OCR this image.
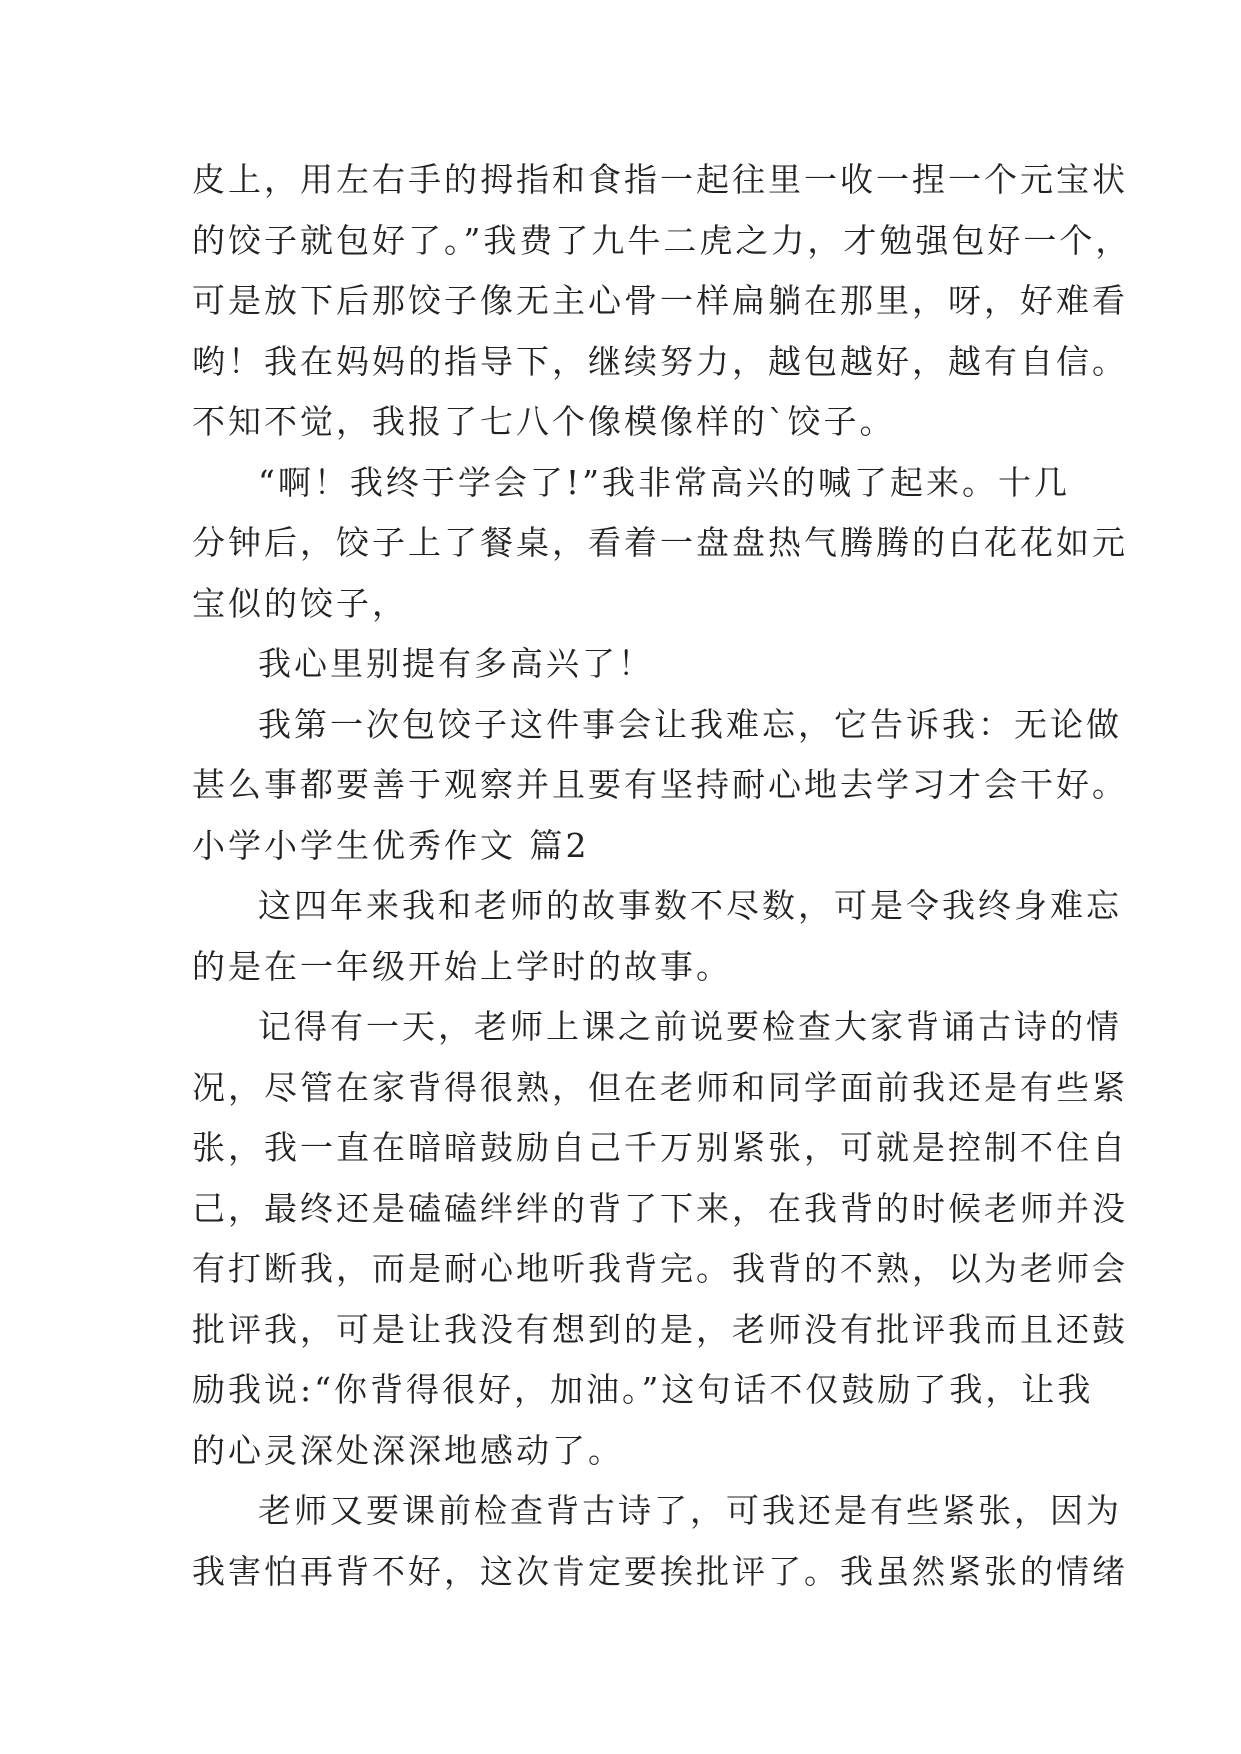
皮上，用左右手的拇指和食指一起往里一收一捏一个元宝状
的饺子就包好了。”我费了九牛二虎之力，才勉强包好一个，
可是放下后那饺子像无主心骨一样扁躺在那里，呀，好难看
哟！我在妈妈的指导下，继续努力，越包越好，越有自信。
不知不觉，我报了七八个像模像样的`饺子。
“啊！我终于学会了!”我非常高兴的喊了起来。十几
分钟后，饺子上了餐桌，看着一盘盘热气腾腾的白花花如元
宝似的饺子，
我心里别提有多高兴了！
我第一次包饺子这件事会让我难忘，它告诉我：无论做
甚么事都要善于观察并且要有坚持耐心地去学习才会干好。
小学小学生优秀作文 篇2
这四年来我和老师的故事数不尽数，可是令我终身难忘
的是在一年级开始上学时的故事。
记得有一天，老师上课之前说要检查大家背诵古诗的情
况，尽管在家背得很熟，但在老师和同学面前我还是有些紧
张，我一直在暗暗鼓励自己千万别紧张，可就是控制不住自
己，最终还是磕磕绊绊的背了下来，在我背的时候老师并没
有打断我，而是耐心地听我背完。我背的不熟，以为老师会
批评我，可是让我没有想到的是，老师没有批评我而且还鼓
励我说:“你背得很好，加油。”这句话不仅鼓励了我，让我
的心灵深处深深地感动了。
老师又要课前检查背古诗了，可我还是有些紧张，因为
我害怕再背不好，这次肯定要挨批评了。我虽然紧张的情绪
